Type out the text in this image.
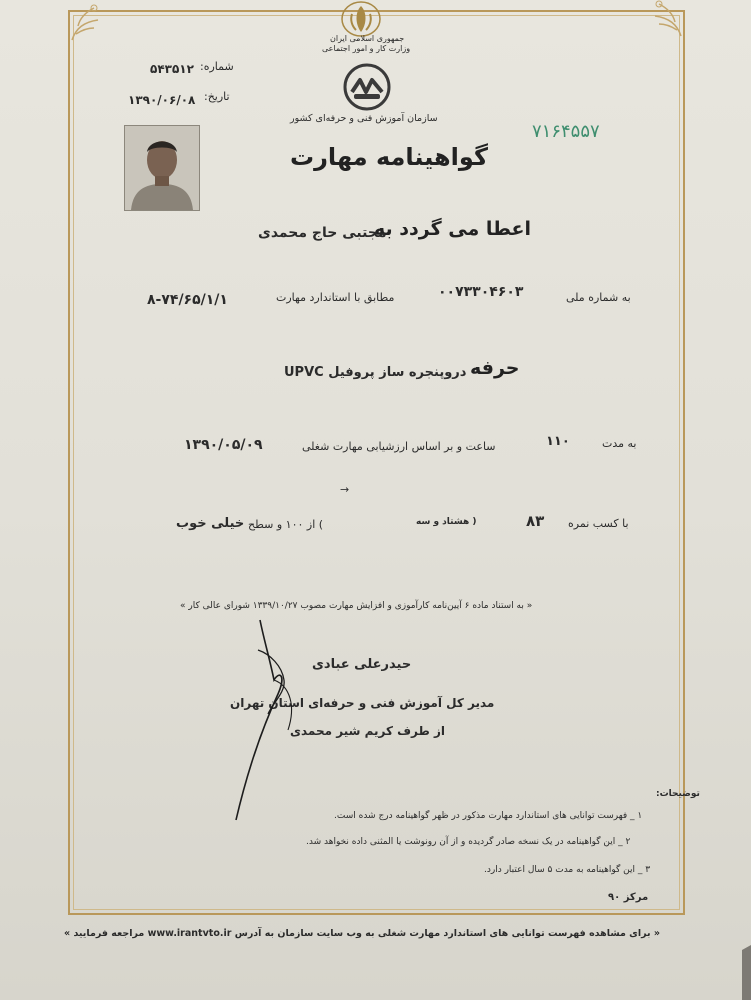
جمهوری اسلامی ایران
وزارت کار و امور اجتماعی
سازمان آموزش فنی و حرفه‌ای کشور
شماره:
۵۴۳۵۱۲
تاریخ:
۱۳۹۰/۰۶/۰۸
۷۱۶۴۵۵۷
گواهینامه مهارت
اعطا می گردد به
مجتبی حاج محمدی
به شماره ملی
۰۰۷۳۳۰۴۶۰۳
مطابق با استاندارد مهارت
۸-۷۴/۶۵/۱/۱
حرفه
درو‌پنجره ساز پروفیل UPVC
به مدت
۱۱۰
ساعت و بر اساس ارزشیابی مهارت شغلی
۱۳۹۰/۰۵/۰۹
→
با کسب نمره
۸۳
( هشتاد و سه
) از ۱۰۰ و سطح
خیلی خوب
« به استناد ماده ۶ آیین‌نامه کارآموزی و افزایش مهارت مصوب ۱۳۳۹/۱۰/۲۷ شورای عالی کار »
حیدرعلی عبادی
مدیر کل آموزش فنی و حرفه‌ای استان تهران
از طرف کریم شیر محمدی
توضیحات:
۱ _ فهرست توانایی های استاندارد مهارت مذکور در ظهر گواهینامه درج شده است.
۲ _ این گواهینامه در یک نسخه صادر گردیده و از آن رونوشت یا المثنی داده نخواهد شد.
۳ _ این گواهینامه به مدت ۵ سال اعتبار دارد.
مرکز ۹۰
« برای مشاهده فهرست توانایی های استاندارد مهارت شغلی به وب سایت سازمان به آدرس www.irantvto.ir مراجعه فرمایید »
